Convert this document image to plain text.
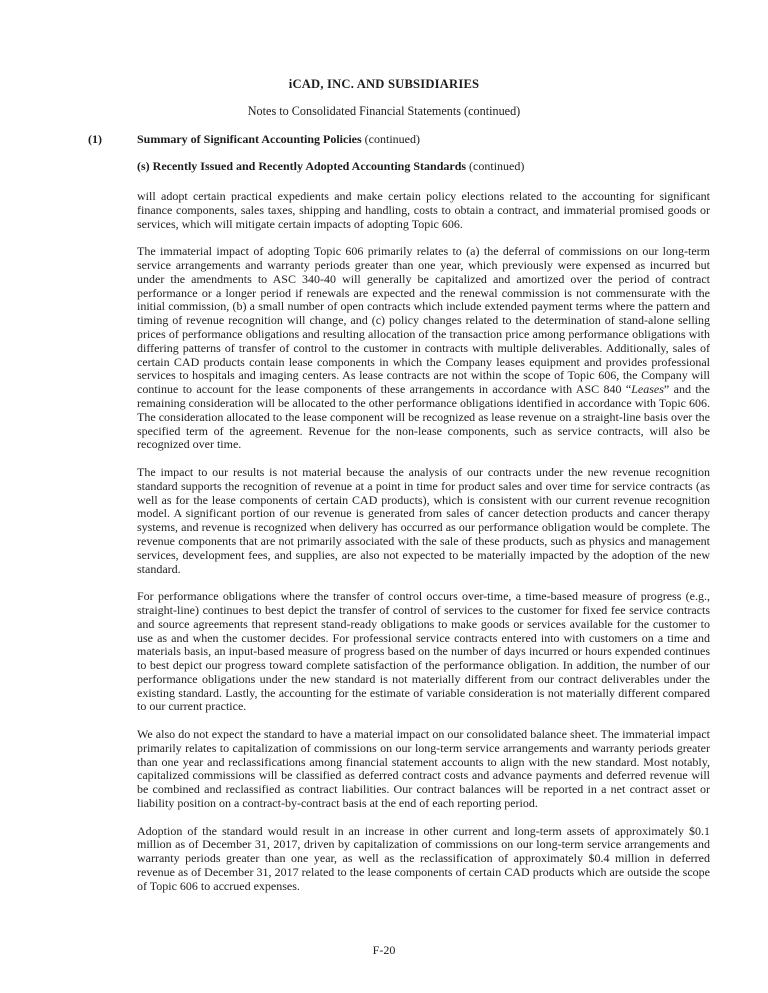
iCAD, INC. AND SUBSIDIARIES

Notes to Consolidated Financial Statements (continued)

(1)	Summary of Significant Accounting Policies (continued)
(s) Recently Issued and Recently Adopted Accounting Standards (continued)

will adopt certain practical expedients and make certain policy elections related to the accounting for significant finance components, sales taxes, shipping and handling, costs to obtain a contract, and immaterial promised goods or services, which will mitigate certain impacts of adopting Topic 606.

The immaterial impact of adopting Topic 606 primarily relates to (a) the deferral of commissions on our long-term service arrangements and warranty periods greater than one year, which previously were expensed as incurred but under the amendments to ASC 340-40 will generally be capitalized and amortized over the period of contract performance or a longer period if renewals are expected and the renewal commission is not commensurate with the initial commission, (b) a small number of open contracts which include extended payment terms where the pattern and timing of revenue recognition will change, and (c) policy changes related to the determination of stand-alone selling prices of performance obligations and resulting allocation of the transaction price among performance obligations with differing patterns of transfer of control to the customer in contracts with multiple deliverables. Additionally, sales of certain CAD products contain lease components in which the Company leases equipment and provides professional services to hospitals and imaging centers. As lease contracts are not within the scope of Topic 606, the Company will continue to account for the lease components of these arrangements in accordance with ASC 840 “Leases” and the remaining consideration will be allocated to the other performance obligations identified in accordance with Topic 606. The consideration allocated to the lease component will be recognized as lease revenue on a straight-line basis over the specified term of the agreement. Revenue for the non-lease components, such as service contracts, will also be recognized over time.

The impact to our results is not material because the analysis of our contracts under the new revenue recognition standard supports the recognition of revenue at a point in time for product sales and over time for service contracts (as well as for the lease components of certain CAD products), which is consistent with our current revenue recognition model. A significant portion of our revenue is generated from sales of cancer detection products and cancer therapy systems, and revenue is recognized when delivery has occurred as our performance obligation would be complete. The revenue components that are not primarily associated with the sale of these products, such as physics and management services, development fees, and supplies, are also not expected to be materially impacted by the adoption of the new standard.

For performance obligations where the transfer of control occurs over-time, a time-based measure of progress (e.g., straight-line) continues to best depict the transfer of control of services to the customer for fixed fee service contracts and source agreements that represent stand-ready obligations to make goods or services available for the customer to use as and when the customer decides. For professional service contracts entered into with customers on a time and materials basis, an input-based measure of progress based on the number of days incurred or hours expended continues to best depict our progress toward complete satisfaction of the performance obligation. In addition, the number of our performance obligations under the new standard is not materially different from our contract deliverables under the existing standard. Lastly, the accounting for the estimate of variable consideration is not materially different compared to our current practice.

We also do not expect the standard to have a material impact on our consolidated balance sheet. The immaterial impact primarily relates to capitalization of commissions on our long-term service arrangements and warranty periods greater than one year and reclassifications among financial statement accounts to align with the new standard. Most notably, capitalized commissions will be classified as deferred contract costs and advance payments and deferred revenue will be combined and reclassified as contract liabilities. Our contract balances will be reported in a net contract asset or liability position on a contract-by-contract basis at the end of each reporting period.

Adoption of the standard would result in an increase in other current and long-term assets of approximately $0.1 million as of December 31, 2017, driven by capitalization of commissions on our long-term service arrangements and warranty periods greater than one year, as well as the reclassification of approximately $0.4 million in deferred revenue as of December 31, 2017 related to the lease components of certain CAD products which are outside the scope of Topic 606 to accrued expenses.

F-20
